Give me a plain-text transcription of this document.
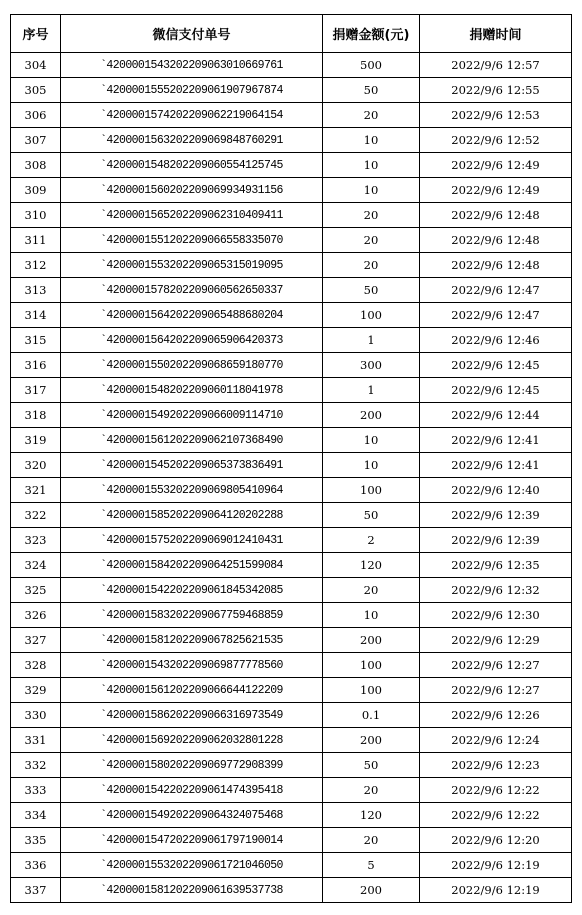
序号	微信支付单号	捐赠金额(元)	捐赠时间
304	`4200001543202209063010669761	500	2022/9/6 12:57
305	`4200001555202209061907967874	50	2022/9/6 12:55
306	`4200001574202209062219064154	20	2022/9/6 12:53
307	`4200001563202209069848760291	10	2022/9/6 12:52
308	`4200001548202209060554125745	10	2022/9/6 12:49
309	`4200001560202209069934931156	10	2022/9/6 12:49
310	`4200001565202209062310409411	20	2022/9/6 12:48
311	`4200001551202209066558335070	20	2022/9/6 12:48
312	`4200001553202209065315019095	20	2022/9/6 12:48
313	`4200001578202209060562650337	50	2022/9/6 12:47
314	`4200001564202209065488680204	100	2022/9/6 12:47
315	`4200001564202209065906420373	1	2022/9/6 12:46
316	`4200001550202209068659180770	300	2022/9/6 12:45
317	`4200001548202209060118041978	1	2022/9/6 12:45
318	`4200001549202209066009114710	200	2022/9/6 12:44
319	`4200001561202209062107368490	10	2022/9/6 12:41
320	`4200001545202209065373836491	10	2022/9/6 12:41
321	`4200001553202209069805410964	100	2022/9/6 12:40
322	`4200001585202209064120202288	50	2022/9/6 12:39
323	`4200001575202209069012410431	2	2022/9/6 12:39
324	`4200001584202209064251599084	120	2022/9/6 12:35
325	`4200001542202209061845342085	20	2022/9/6 12:32
326	`4200001583202209067759468859	10	2022/9/6 12:30
327	`4200001581202209067825621535	200	2022/9/6 12:29
328	`4200001543202209069877778560	100	2022/9/6 12:27
329	`4200001561202209066644122209	100	2022/9/6 12:27
330	`4200001586202209066316973549	0.1	2022/9/6 12:26
331	`4200001569202209062032801228	200	2022/9/6 12:24
332	`4200001580202209069772908399	50	2022/9/6 12:23
333	`4200001542202209061474395418	20	2022/9/6 12:22
334	`4200001549202209064324075468	120	2022/9/6 12:22
335	`4200001547202209061797190014	20	2022/9/6 12:20
336	`4200001553202209061721046050	5	2022/9/6 12:19
337	`4200001581202209061639537738	200	2022/9/6 12:19
